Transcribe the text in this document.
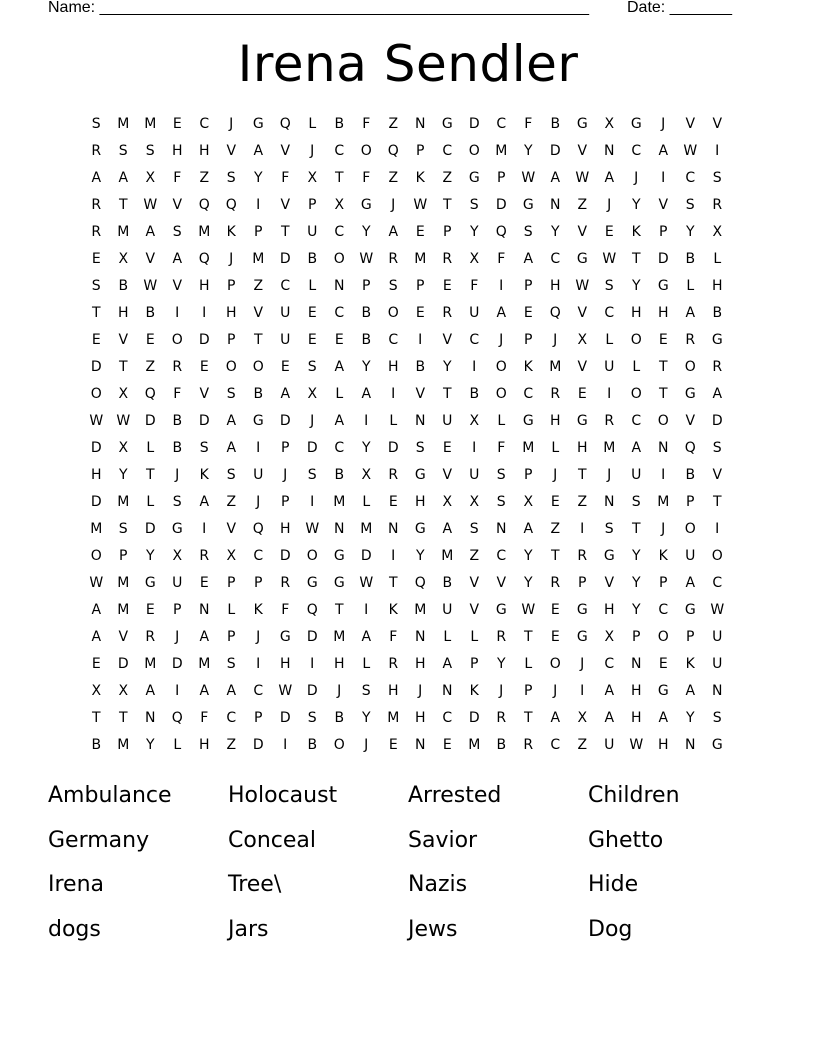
Name: _______________________________________________________ Date: _______
Irena Sendler
S	M	M	E	C	J	G	Q	L	B	F	Z	N	G	D	C	F	B	G	X	G	J	V	V
R	S	S	H	H	V	A	V	J	C	O	Q	P	C	O	M	Y	D	V	N	C	A	W	I
A	A	X	F	Z	S	Y	F	X	T	F	Z	K	Z	G	P	W	A	W	A	J	I	C	S
R	T	W	V	Q	Q	I	V	P	X	G	J	W	T	S	D	G	N	Z	J	Y	V	S	R
R	M	A	S	M	K	P	T	U	C	Y	A	E	P	Y	Q	S	Y	V	E	K	P	Y	X
E	X	V	A	Q	J	M	D	B	O	W	R	M	R	X	F	A	C	G	W	T	D	B	L
S	B	W	V	H	P	Z	C	L	N	P	S	P	E	F	I	P	H	W	S	Y	G	L	H
T	H	B	I	I	H	V	U	E	C	B	O	E	R	U	A	E	Q	V	C	H	H	A	B
E	V	E	O	D	P	T	U	E	E	B	C	I	V	C	J	P	J	X	L	O	E	R	G
D	T	Z	R	E	O	O	E	S	A	Y	H	B	Y	I	O	K	M	V	U	L	T	O	R
O	X	Q	F	V	S	B	A	X	L	A	I	V	T	B	O	C	R	E	I	O	T	G	A
W W	D	B	D	A	G	D	J	A	I	L	N	U	X	L	G	H	G	R	C	O	V	D
D	X	L	B	S	A	I	P	D	C	Y	D	S	E	I	F	M	L	H	M	A	N	Q	S
H	Y	T	J	K	S	U	J	S	B	X	R	G	V	U	S	P	J	T	J	U	I	B	V
D	M	L	S	A	Z	J	P	I	M	L	E	H	X	X	S	X	E	Z	N	S	M	P	T
M	S	D	G	I	V	Q	H	W	N	M	N	G	A	S	N	A	Z	I	S	T	J	O	I
O	P	Y	X	R	X	C	D	O	G	D	I	Y	M	Z	C	Y	T	R	G	Y	K	U	O
W M	G	U	E	P	P	R	G	G	W	T	Q	B	V	V	Y	R	P	V	Y	P	A	C
A	M	E	P	N	L	K	F	Q	T	I	K	M	U	V	G	W	E	G	H	Y	C	G	W
A	V	R	J	A	P	J	G	D	M	A	F	N	L	L	R	T	E	G	X	P	O	P	U
E	D	M	D	M	S	I	H	I	H	L	R	H	A	P	Y	L	O	J	C	N	E	K	U
X	X	A	I	A	A	C	W	D	J	S	H	J	N	K	J	P	J	I	A	H	G	A	N
T	T	N	Q	F	C	P	D	S	B	Y	M	H	C	D	R	T	A	X	A	H	A	Y	S
B	M	Y	L	H	Z	D	I	B	O	J	E	N	E	M	B	R	C	Z	U	W	H	N	G
Ambulance	Holocaust	Arrested	Children
Germany	Conceal	Savior	Ghetto
Irena	Tree\	Nazis	Hide
dogs	Jars	Jews	Dog
